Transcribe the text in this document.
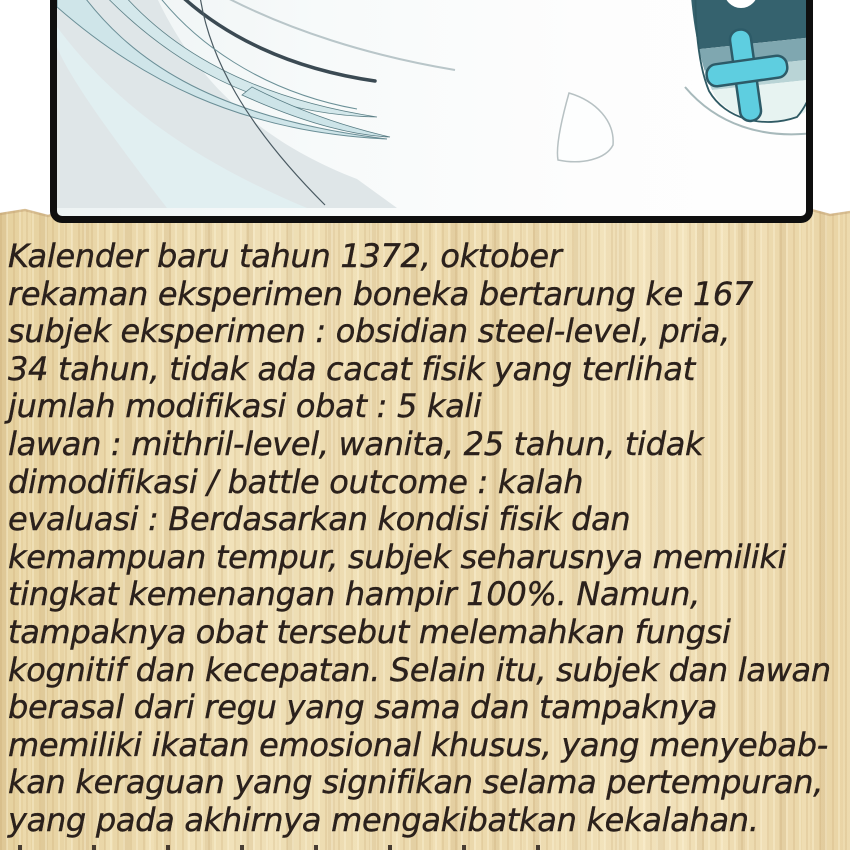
Kalender baru tahun 1372, oktober
rekaman eksperimen boneka bertarung ke 167
subjek eksperimen : obsidian steel-level, pria,
34 tahun, tidak ada cacat fisik yang terlihat
jumlah modifikasi obat : 5 kali
lawan : mithril-level, wanita, 25 tahun, tidak
dimodifikasi / battle outcome : kalah
evaluasi : Berdasarkan kondisi fisik dan
kemampuan tempur, subjek seharusnya memiliki
tingkat kemenangan hampir 100%. Namun,
tampaknya obat tersebut melemahkan fungsi
kognitif dan kecepatan. Selain itu, subjek dan lawan
berasal dari regu yang sama dan tampaknya
memiliki ikatan emosional khusus, yang menyebab-
kan keraguan yang signifikan selama pertempuran,
yang pada akhirnya mengakibatkan kekalahan.
